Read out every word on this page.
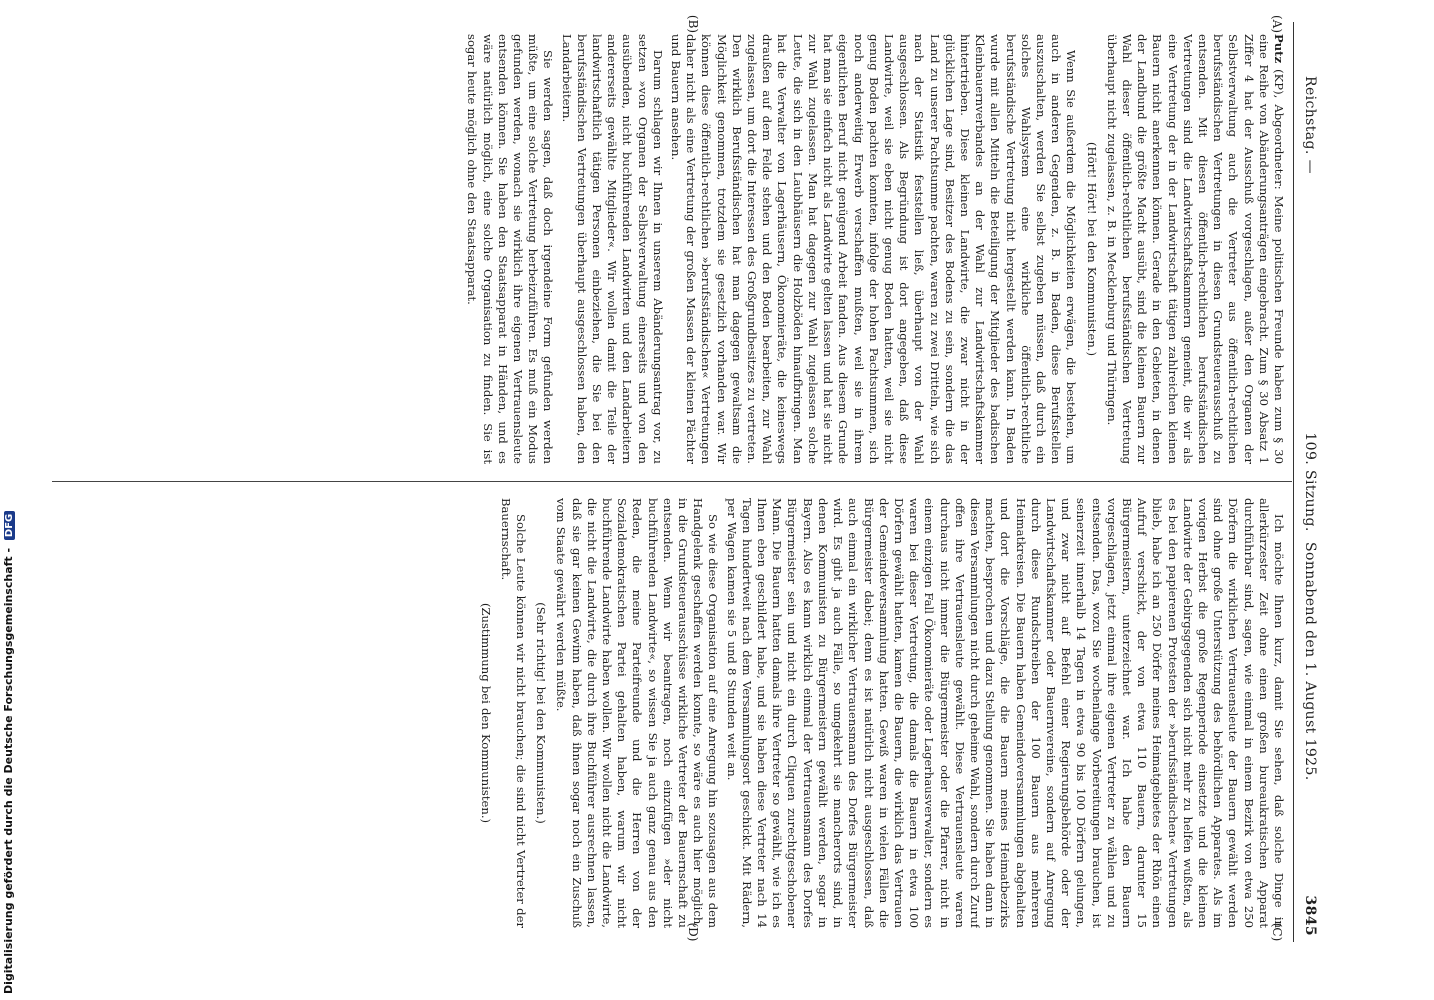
Reichstag. —
109. Sitzung.
3845
Sonnabend den 1. August 1925.
(A)
(B)
(C)
(D)

Putz (KP), Abgeordneter: Meine politischen Freunde haben zum § 30 eine Reihe von Abänderungsanträgen eingebracht. Zum § 30 Absatz 1 Ziffer 4 hat der Ausschuß vorgeschlagen, außer den Organen der Selbstverwaltung auch die Vertreter aus öffentlich-rechtlichen berufsständischen Vertretungen in diesen Grundsteuerausschuß zu entsenden. Mit diesen öffentlich-rechtlichen berufsständischen Vertretungen sind die Landwirtschaftskammern gemeint, die wir als eine Vertretung der in der Landwirtschaft tätigen zahlreichen kleinen Bauern nicht anerkennen können. Gerade in den Gebieten, in denen der Landbund die größte Macht ausübt, sind die kleinen Bauern zur Wahl dieser öffentlich-rechtlichen berufsständischen Vertretung überhaupt nicht zugelassen, z. B. in Mecklenburg und Thüringen.

(Hört! Hört! bei den Kommunisten.)

Wenn Sie außerdem die Möglichkeiten erwägen, die bestehen, um auch in anderen Gegenden, z. B. in Baden, diese Berufsstellen auszuschalten, werden Sie selbst zugeben müssen, daß durch ein solches Wahlsystem eine wirkliche öffentlich-rechtliche berufsständische Vertretung nicht hergestellt werden kann. In Baden wurde mit allen Mitteln die Beteiligung der Mitglieder des badischen Kleinbauernverbandes an der Wahl zur Landwirtschaftskammer hintertrieben. Diese kleinen Landwirte, die zwar nicht in der glücklichen Lage sind, Besitzer des Bodens zu sein, sondern die das Land zu unserer Pachtsumme pachten, waren zu zwei Dritteln, wie sich nach der Statistik feststellen ließ, überhaupt von der Wahl ausgeschlossen. Als Begründung ist dort angegeben, daß diese Landwirte, weil sie eben nicht genug Boden hatten, weil sie nicht genug Boden pachten konnten, infolge der hohen Pachtsummen, sich noch anderweitig Erwerb verschaffen mußten, weil sie in ihrem eigentlichen Beruf nicht genügend Arbeit fanden. Aus diesem Grunde hat man sie einfach nicht als Landwirte gelten lassen und hat sie nicht zur Wahl zugelassen. Man hat dagegen zur Wahl zugelassen solche Leute, die sich in den Laubhäusern die Holzböden hinaufbringen. Man hat die Verwalter von Lagerhäusern, Ökonomieräte, die keineswegs draußen auf dem Felde stehen und den Boden bearbeiten, zur Wahl zugelassen, um dort die Interessen des Großgrundbesitzes zu vertreten. Den wirklich Berufsständischen hat man dagegen gewaltsam die Möglichkeit genommen, trotzdem sie gesetzlich vorhanden war. Wir können diese öffentlich-rechtlichen »berufsständischen« Vertretungen daher nicht als eine Vertretung der großen Massen der kleinen Pächter und Bauern ansehen.

Darum schlagen wir Ihnen in unserem Abänderungsantrag vor, zu setzen »von Organen der Selbstverwaltung einerseits und von den ausübenden, nicht buchführenden Landwirten und den Landarbeitern andererseits gewählte Mitglieder«. Wir wollen damit die Teile der landwirtschaftlich tätigen Personen einbeziehen, die Sie bei den berufsständischen Vertretungen überhaupt ausgeschlossen haben, den Landarbeitern.

Sie werden sagen, daß doch irgendeine Form gefunden werden müßte, um eine solche Vertretung herbeizuführen. Es muß ein Modus gefunden werden, wonach sie wirklich ihre eigenen Vertrauensleute entsenden können. Sie haben den Staatsapparat in Händen, und es wäre natürlich möglich, eine solche Organisation zu finden. Sie ist sogar heute möglich ohne den Staatsapparat.

Ich möchte Ihnen kurz, damit Sie sehen, daß solche Dinge in allerkürzester Zeit ohne einen großen bureaukratischen Apparat durchführbar sind, sagen, wie einmal in einem Bezirk von etwa 250 Dörfern die wirklichen Vertrauensleute der Bauern gewählt werden sind ohne große Unterstützung des behördlichen Apparates. Als im vorigen Herbst die große Regenperiode einsetzte und die kleinen Landwirte der Gebirgsgegenden sich nicht mehr zu helfen wußten, als es bei den papierenen Protesten der »berufsständischen« Vertretungen blieb, habe ich an 250 Dörfer meines Heimatgebietes der Rhön einen Aufruf verschickt, der von etwa 110 Bauern, darunter 15 Bürgermeistern, unterzeichnet war. Ich habe den Bauern vorgeschlagen, jetzt einmal ihre eigenen Vertreter zu wählen und zu entsenden. Das, wozu Sie wochenlange Vorbereitungen brauchen, ist seinerzeit innerhalb 14 Tagen in etwa 90 bis 100 Dörfern gelungen, und zwar nicht auf Befehl einer Regierungsbehörde oder der Landwirtschaftskammer oder Bauernvereine, sondern auf Anregung durch diese Rundschreiben der 100 Bauern aus mehreren Heimatkreisen. Die Bauern haben Gemeindeversammlungen abgehalten und dort die Vorschläge, die die Bauern meines Heimatbezirks machten, besprochen und dazu Stellung genommen. Sie haben dann in diesen Versammlungen nicht durch geheime Wahl, sondern durch Zuruf offen ihre Vertrauensleute gewählt. Diese Vertrauensleute waren durchaus nicht immer die Bürgermeister oder die Pfarrer, nicht in einem einzigen Fall Ökonomieräte oder Lagerhausverwalter, sondern es waren bei dieser Vertretung, die damals die Bauern in etwa 100 Dörfern gewählt hatten, kamen die Bauern, die wirklich das Vertrauen der Gemeindeversammlung hatten. Gewiß waren in vielen Fällen die Bürgermeister dabei; denn es ist natürlich nicht ausgeschlossen, daß auch einmal ein wirklicher Vertrauensmann des Dorfes Bürgermeister wird. Es gibt ja auch Fälle, so umgekehrt sie mancherorts sind, in denen Kommunisten zu Bürgermeistern gewählt werden, sogar in Bayern. Also es kann wirklich einmal der Vertrauensmann des Dorfes Bürgermeister sein und nicht ein durch Cliquen zurechtgeschobener Mann. Die Bauern hatten damals ihre Vertreter so gewählt, wie ich es Ihnen eben geschildert habe, und sie haben diese Vertreter nach 14 Tagen hundertweit nach dem Versammlungsort geschickt. Mit Rädern, per Wagen kamen sie 5 und 8 Stunden weit an.

So wie diese Organisation auf eine Anregung hin sozusagen aus dem Handgelenk geschaffen werden konnte, so wäre es auch hier möglich, in die Grundsteuerausschüsse wirkliche Vertreter der Bauernschaft zu entsenden. Wenn wir beantragen, noch einzufügen »der nicht buchführenden Landwirte«, so wissen Sie ja auch ganz genau aus den Reden, die meine Parteifreunde und die Herren von der Sozialdemokratischen Partei gehalten haben, warum wir nicht buchführende Landwirte haben wollen. Wir wollen nicht die Landwirte, die nicht die Landwirte, die durch ihre Buchführer ausrechnen lassen, daß sie gar keinen Gewinn haben, daß ihnen sogar noch ein Zuschuß vom Staate gewährt werden müßte.

(Sehr richtig! bei den Kommunisten.)

Solche Leute können wir nicht brauchen; die sind nicht Vertreter der Bauernschaft.

(Zustimmung bei den Kommunisten.)

Digitalisierung gefördert durch die Deutsche Forschungsgemeinschaft - DFG
